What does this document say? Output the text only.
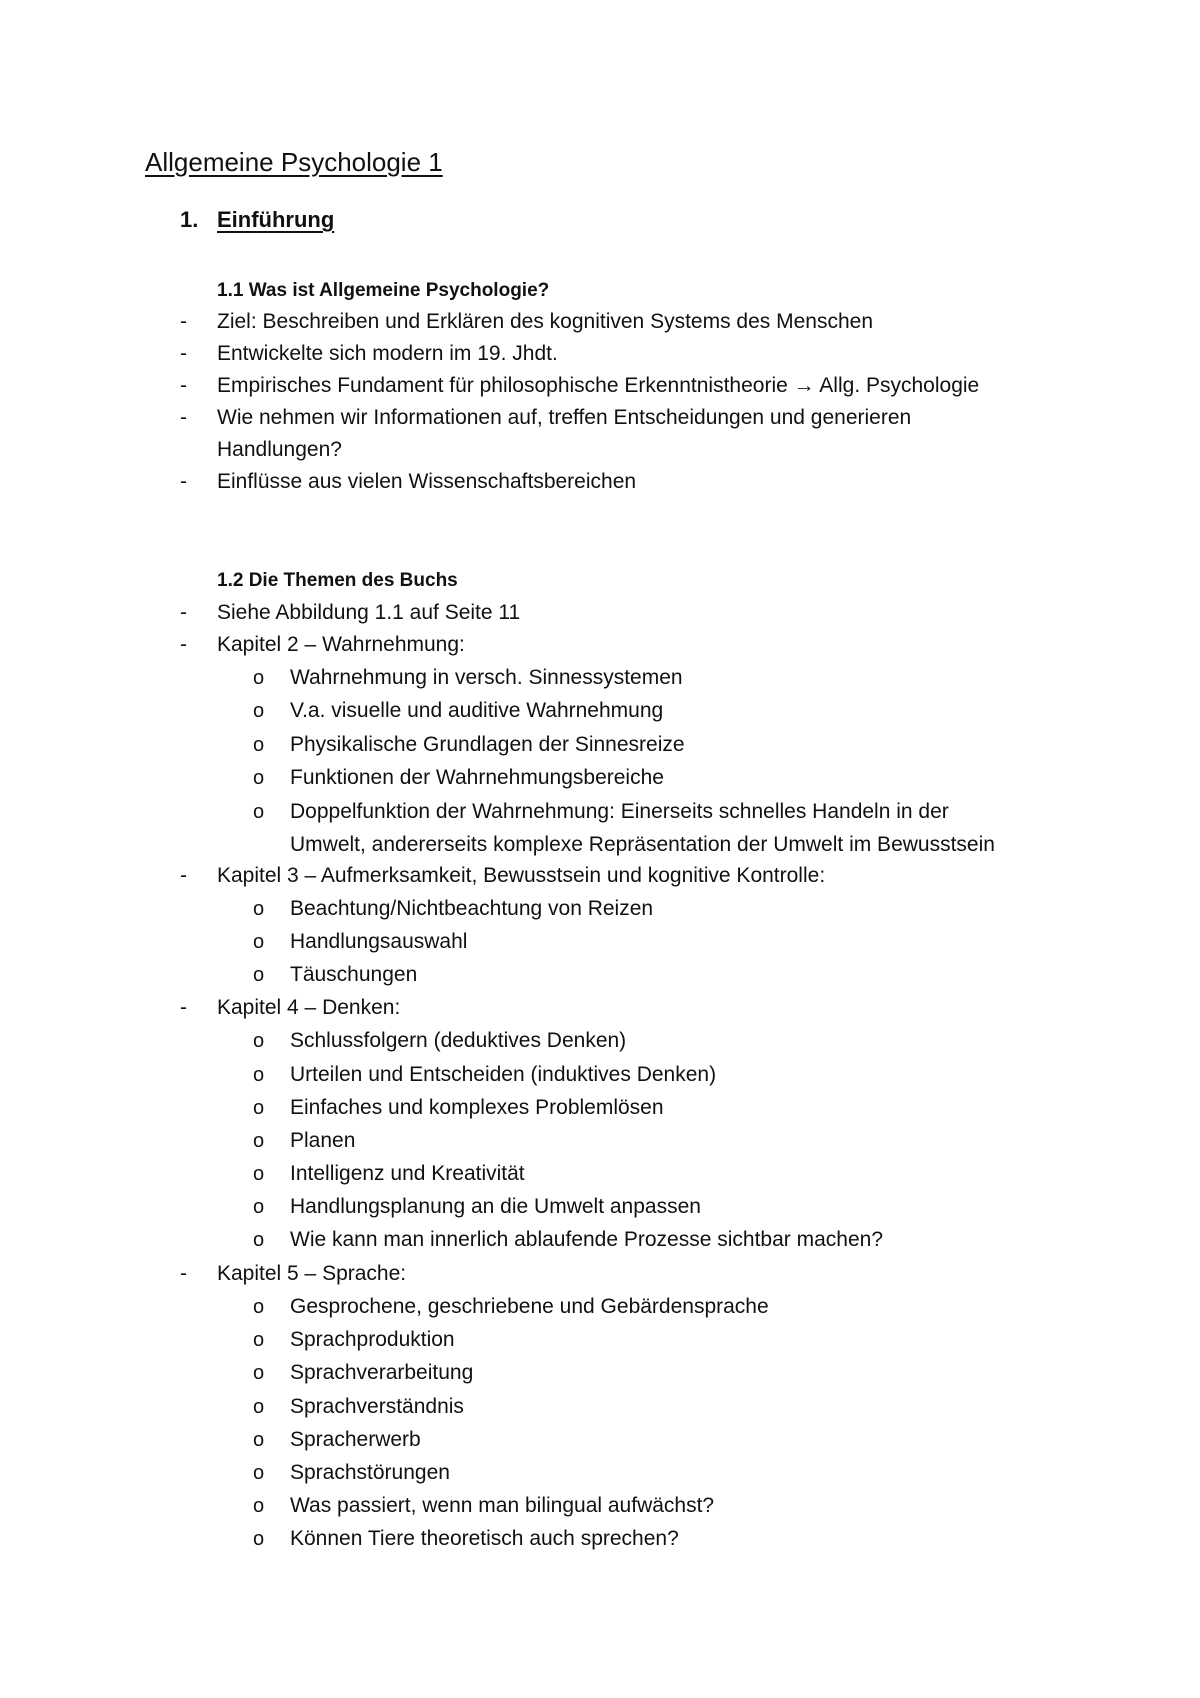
Allgemeine Psychologie 1
1. Einführung
1.1 Was ist Allgemeine Psychologie?
- Ziel: Beschreiben und Erklären des kognitiven Systems des Menschen
- Entwickelte sich modern im 19. Jhdt.
- Empirisches Fundament für philosophische Erkenntnistheorie → Allg. Psychologie
- Wie nehmen wir Informationen auf, treffen Entscheidungen und generieren
Handlungen?
- Einflüsse aus vielen Wissenschaftsbereichen
1.2 Die Themen des Buchs
- Siehe Abbildung 1.1 auf Seite 11
- Kapitel 2 – Wahrnehmung:
o Wahrnehmung in versch. Sinnessystemen
o V.a. visuelle und auditive Wahrnehmung
o Physikalische Grundlagen der Sinnesreize
o Funktionen der Wahrnehmungsbereiche
o Doppelfunktion der Wahrnehmung: Einerseits schnelles Handeln in der
Umwelt, andererseits komplexe Repräsentation der Umwelt im Bewusstsein
- Kapitel 3 – Aufmerksamkeit, Bewusstsein und kognitive Kontrolle:
o Beachtung/Nichtbeachtung von Reizen
o Handlungsauswahl
o Täuschungen
- Kapitel 4 – Denken:
o Schlussfolgern (deduktives Denken)
o Urteilen und Entscheiden (induktives Denken)
o Einfaches und komplexes Problemlösen
o Planen
o Intelligenz und Kreativität
o Handlungsplanung an die Umwelt anpassen
o Wie kann man innerlich ablaufende Prozesse sichtbar machen?
- Kapitel 5 – Sprache:
o Gesprochene, geschriebene und Gebärdensprache
o Sprachproduktion
o Sprachverarbeitung
o Sprachverständnis
o Spracherwerb
o Sprachstörungen
o Was passiert, wenn man bilingual aufwächst?
o Können Tiere theoretisch auch sprechen?
